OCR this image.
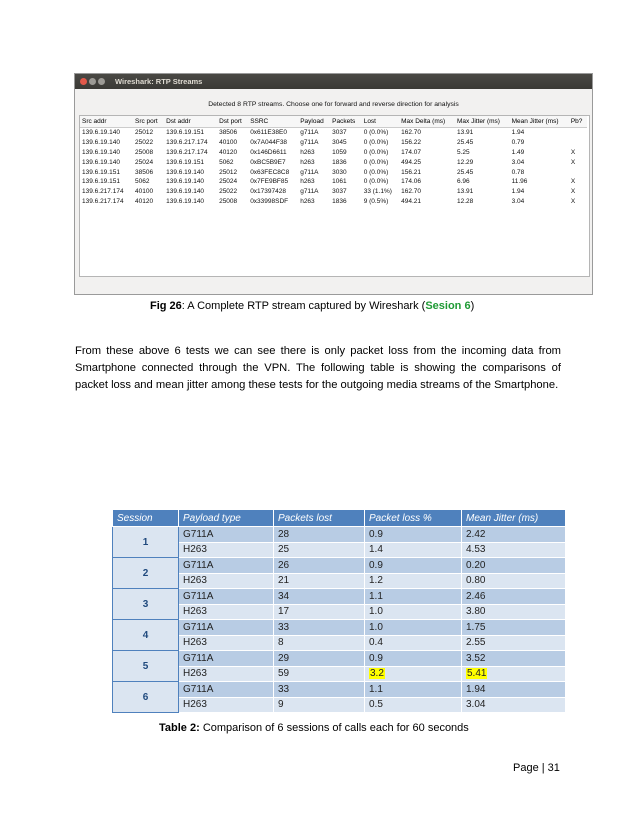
Wireshark: RTP Streams
Detected 8 RTP streams. Choose one for forward and reverse direction for analysis
Src addr	Src port	Dst addr	Dst port	SSRC	Payload	Packets	Lost	Max Delta (ms)	Max Jitter (ms)	Mean Jitter (ms)	Pb?
139.6.19.140	25012	139.6.19.151	38506	0x611E38E0	g711A	3037	0 (0.0%)	162.70	13.91	1.94	
139.6.19.140	25022	139.6.217.174	40100	0x7A044F38	g711A	3045	0 (0.0%)	156.22	25.45	0.79	
139.6.19.140	25008	139.6.217.174	40120	0x146D6611	h263	1059	0 (0.0%)	174.07	5.25	1.49	X
139.6.19.140	25024	139.6.19.151	5062	0xBC5B9E7	h263	1836	0 (0.0%)	494.25	12.29	3.04	X
139.6.19.151	38506	139.6.19.140	25012	0x63FEC8C8	g711A	3030	0 (0.0%)	156.21	25.45	0.78	
139.6.19.151	5062	139.6.19.140	25024	0x7FE9BF85	h263	1061	0 (0.0%)	174.06	6.96	11.96	X
139.6.217.174	40100	139.6.19.140	25022	0x17397428	g711A	3037	33 (1.1%)	162.70	13.91	1.94	X
139.6.217.174	40120	139.6.19.140	25008	0x33998SDF	h263	1836	9 (0.5%)	494.21	12.28	3.04	X
Fig 26: A Complete RTP stream captured by Wireshark (Sesion 6)
From these above 6 tests we can see there is only packet loss from the incoming data from Smartphone connected through the VPN. The following table is showing the comparisons of packet loss and mean jitter among these tests for the outgoing media streams of the Smartphone.
Session	Payload type	Packets lost	Packet loss %	Mean Jitter (ms)
1	G711A	28	0.9	2.42
	H263	25	1.4	4.53
2	G711A	26	0.9	0.20
	H263	21	1.2	0.80
3	G711A	34	1.1	2.46
	H263	17	1.0	3.80
4	G711A	33	1.0	1.75
	H263	8	0.4	2.55
5	G711A	29	0.9	3.52
	H263	59	3.2	5.41
6	G711A	33	1.1	1.94
	H263	9	0.5	3.04
Table 2: Comparison of 6 sessions of calls each for 60 seconds
Page | 31
